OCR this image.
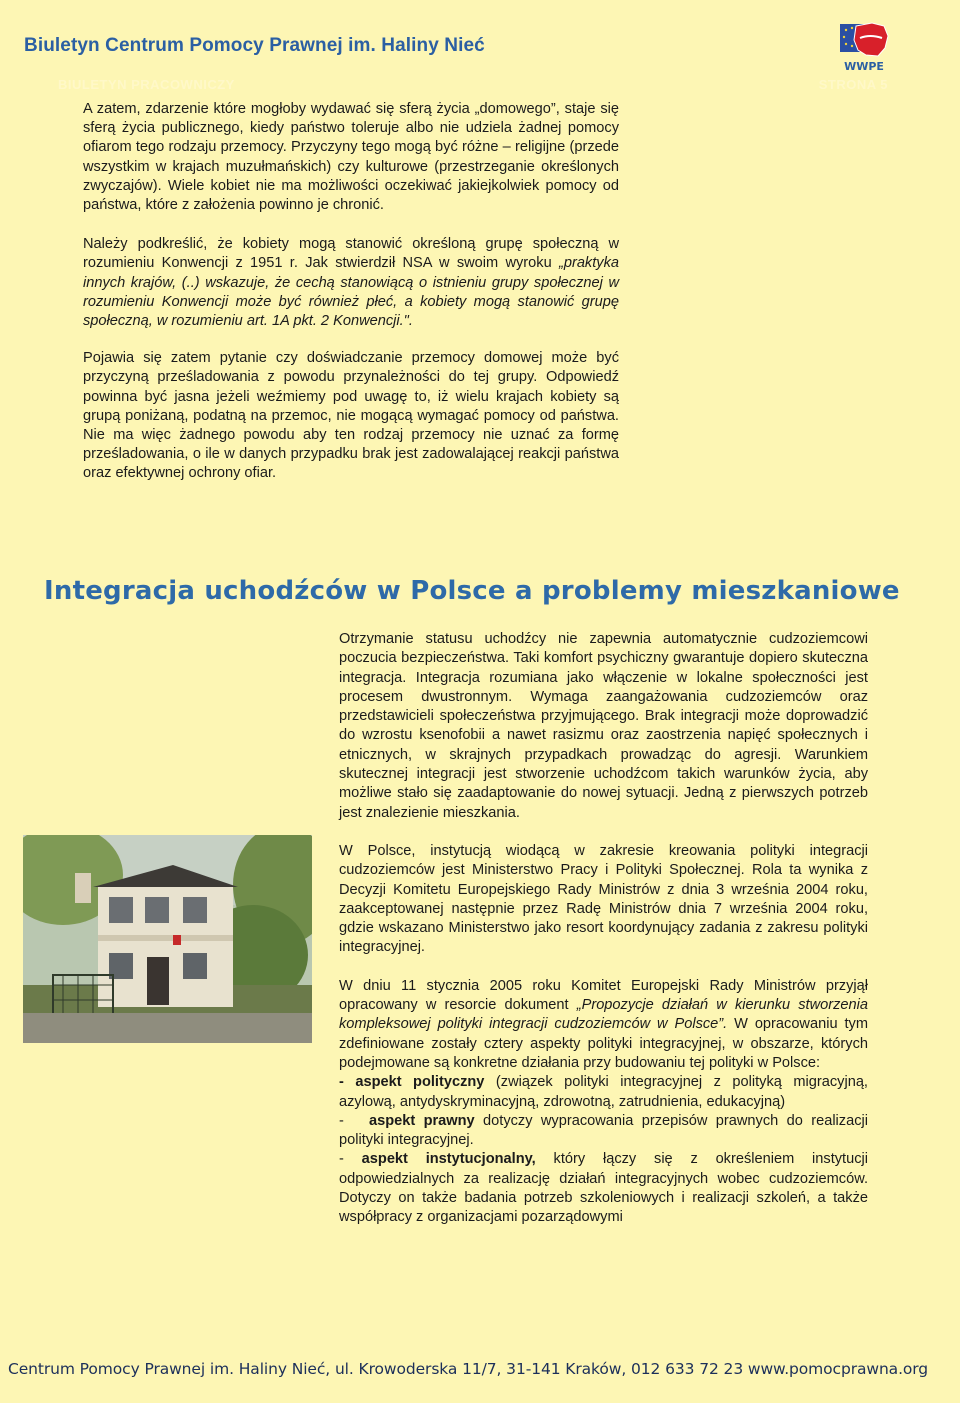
Biuletyn Centrum Pomocy Prawnej im. Haliny Nieć
BIULETYN PRACOWNICZY	STRONA 5
WWPE

A zatem, zdarzenie które mogłoby wydawać się sferą życia „domowego”, staje się sferą życia publicznego, kiedy państwo toleruje albo nie udziela żadnej pomocy ofiarom tego rodzaju przemocy. Przyczyny tego mogą być różne – religijne (przede wszystkim w krajach muzułmańskich) czy kulturowe (przestrzeganie określonych zwyczajów). Wiele kobiet nie ma możliwości oczekiwać jakiejkolwiek pomocy od państwa, które z założenia powinno je chronić.

Należy podkreślić, że kobiety mogą stanowić określoną grupę społeczną w rozumieniu Konwencji z 1951 r. Jak stwierdził NSA w swoim wyroku „praktyka innych krajów, (..) wskazuje, że cechą stanowiącą o istnieniu grupy społecznej w rozumieniu Konwencji może być również płeć, a kobiety mogą stanowić grupę społeczną, w rozumieniu art. 1A pkt. 2 Konwencji.".

Pojawia się zatem pytanie czy doświadczanie przemocy domowej może być przyczyną prześladowania z powodu przynależności do tej grupy. Odpowiedź powinna być jasna jeżeli weźmiemy pod uwagę to, iż wielu krajach kobiety są grupą poniżaną, podatną na przemoc, nie mogącą wymagać pomocy od państwa. Nie ma więc żadnego powodu aby ten rodzaj przemocy nie uznać za formę prześladowania, o ile w danych przypadku brak jest zadowalającej reakcji państwa oraz efektywnej ochrony ofiar.

Integracja uchodźców w Polsce a problemy mieszkaniowe

Otrzymanie statusu uchodźcy nie zapewnia automatycznie cudzoziemcowi poczucia bezpieczeństwa. Taki komfort psychiczny gwarantuje dopiero skuteczna integracja. Integracja rozumiana jako włączenie w lokalne społeczności jest procesem dwustronnym. Wymaga zaangażowania cudzoziemców oraz przedstawicieli społeczeństwa przyjmującego. Brak integracji może doprowadzić do wzrostu ksenofobii a nawet rasizmu oraz zaostrzenia napięć społecznych i etnicznych, w skrajnych przypadkach prowadząc do agresji. Warunkiem skutecznej integracji jest stworzenie uchodźcom takich warunków życia, aby możliwe stało się zaadaptowanie do nowej sytuacji. Jedną z pierwszych potrzeb jest znalezienie mieszkania.

W Polsce, instytucją wiodącą w zakresie kreowania polityki integracji cudzoziemców jest Ministerstwo Pracy i Polityki Społecznej. Rola ta wynika z Decyzji Komitetu Europejskiego Rady Ministrów z dnia 3 września 2004 roku, zaakceptowanej następnie przez Radę Ministrów dnia 7 września 2004 roku, gdzie wskazano Ministerstwo jako resort koordynujący zadania z zakresu polityki integracyjnej.

W dniu 11 stycznia 2005 roku Komitet Europejski Rady Ministrów przyjął opracowany w resorcie dokument „Propozycje działań w kierunku stworzenia kompleksowej polityki integracji cudzoziemców w Polsce”. W opracowaniu tym zdefiniowane zostały cztery aspekty polityki integracyjnej, w obszarze, których podejmowane są konkretne działania przy budowaniu tej polityki w Polsce:

- aspekt polityczny (związek polityki integracyjnej z polityką migracyjną, azylową, antydyskryminacyjną, zdrowotną, zatrudnienia, edukacyjną)

-   aspekt prawny dotyczy wypracowania przepisów prawnych do realizacji polityki integracyjnej.

- aspekt instytucjonalny, który łączy się z określeniem instytucji odpowiedzialnych za realizację działań integracyjnych wobec cudzoziemców. Dotyczy on także badania potrzeb szkoleniowych i realizacji szkoleń, a także współpracy z organizacjami pozarządowymi

Centrum Pomocy Prawnej im. Haliny Nieć, ul. Krowoderska 11/7, 31-141 Kraków, 012 633 72 23 www.pomocprawna.org
